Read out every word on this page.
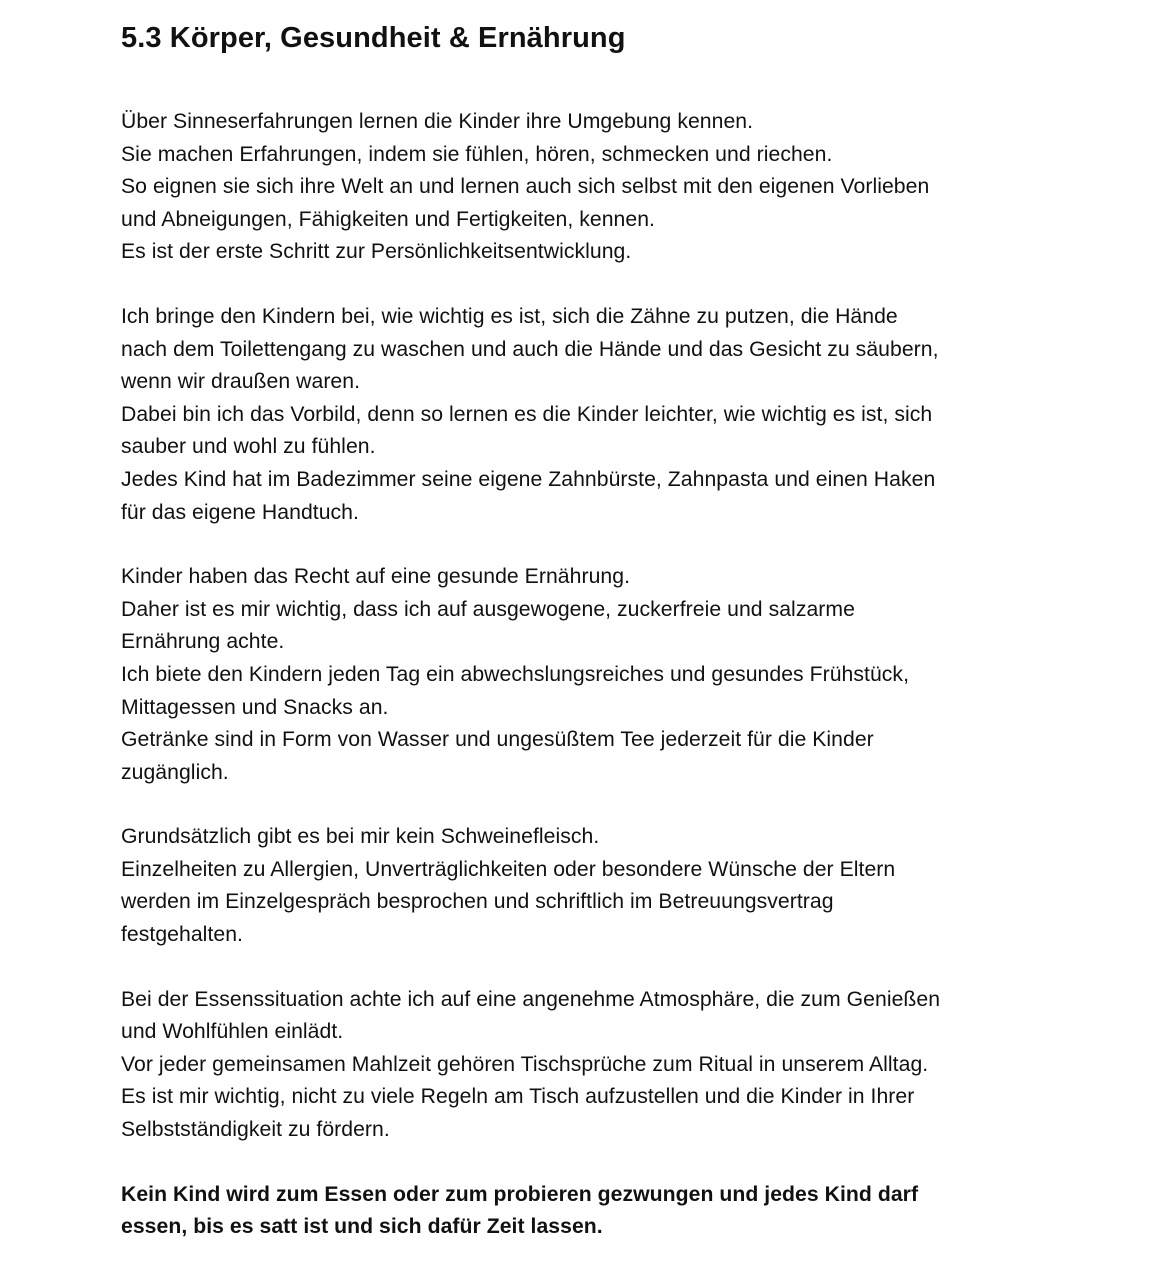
5.3 Körper, Gesundheit & Ernährung
Über Sinneserfahrungen lernen die Kinder ihre Umgebung kennen.
Sie machen Erfahrungen, indem sie fühlen, hören, schmecken und riechen.
So eignen sie sich ihre Welt an und lernen auch sich selbst mit den eigenen Vorlieben
und Abneigungen, Fähigkeiten und Fertigkeiten, kennen.
Es ist der erste Schritt zur Persönlichkeitsentwicklung.
Ich bringe den Kindern bei, wie wichtig es ist, sich die Zähne zu putzen, die Hände
nach dem Toilettengang zu waschen und auch die Hände und das Gesicht zu säubern,
wenn wir draußen waren.
Dabei bin ich das Vorbild, denn so lernen es die Kinder leichter, wie wichtig es ist, sich
sauber und wohl zu fühlen.
Jedes Kind hat im Badezimmer seine eigene Zahnbürste, Zahnpasta und einen Haken
für das eigene Handtuch.
Kinder haben das Recht auf eine gesunde Ernährung.
Daher ist es mir wichtig, dass ich auf ausgewogene, zuckerfreie und salzarme
Ernährung achte.
Ich biete den Kindern jeden Tag ein abwechslungsreiches und gesundes Frühstück,
Mittagessen und Snacks an.
Getränke sind in Form von Wasser und ungesüßtem Tee jederzeit für die Kinder
zugänglich.
Grundsätzlich gibt es bei mir kein Schweinefleisch.
Einzelheiten zu Allergien, Unverträglichkeiten oder besondere Wünsche der Eltern
werden im Einzelgespräch besprochen und schriftlich im Betreuungsvertrag
festgehalten.
Bei der Essenssituation achte ich auf eine angenehme Atmosphäre, die zum Genießen
und Wohlfühlen einlädt.
Vor jeder gemeinsamen Mahlzeit gehören Tischsprüche zum Ritual in unserem Alltag.
Es ist mir wichtig, nicht zu viele Regeln am Tisch aufzustellen und die Kinder in Ihrer
Selbstständigkeit zu fördern.
Kein Kind wird zum Essen oder zum probieren gezwungen und jedes Kind darf
essen, bis es satt ist und sich dafür Zeit lassen.
